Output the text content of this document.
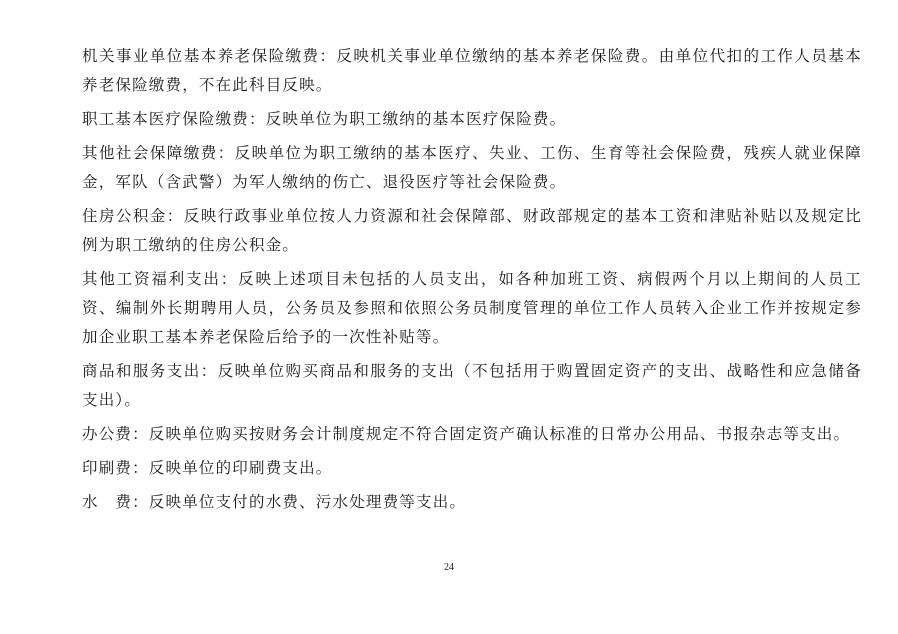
机关事业单位基本养老保险缴费：反映机关事业单位缴纳的基本养老保险费。由单位代扣的工作人员基本养老保险缴费，不在此科目反映。

职工基本医疗保险缴费：反映单位为职工缴纳的基本医疗保险费。

其他社会保障缴费：反映单位为职工缴纳的基本医疗、失业、工伤、生育等社会保险费，残疾人就业保障金，军队（含武警）为军人缴纳的伤亡、退役医疗等社会保险费。

住房公积金：反映行政事业单位按人力资源和社会保障部、财政部规定的基本工资和津贴补贴以及规定比例为职工缴纳的住房公积金。

其他工资福利支出：反映上述项目未包括的人员支出，如各种加班工资、病假两个月以上期间的人员工资、编制外长期聘用人员，公务员及参照和依照公务员制度管理的单位工作人员转入企业工作并按规定参加企业职工基本养老保险后给予的一次性补贴等。

商品和服务支出：反映单位购买商品和服务的支出（不包括用于购置固定资产的支出、战略性和应急储备支出）。

办公费：反映单位购买按财务会计制度规定不符合固定资产确认标准的日常办公用品、书报杂志等支出。

印刷费：反映单位的印刷费支出。

水　费：反映单位支付的水费、污水处理费等支出。

24
